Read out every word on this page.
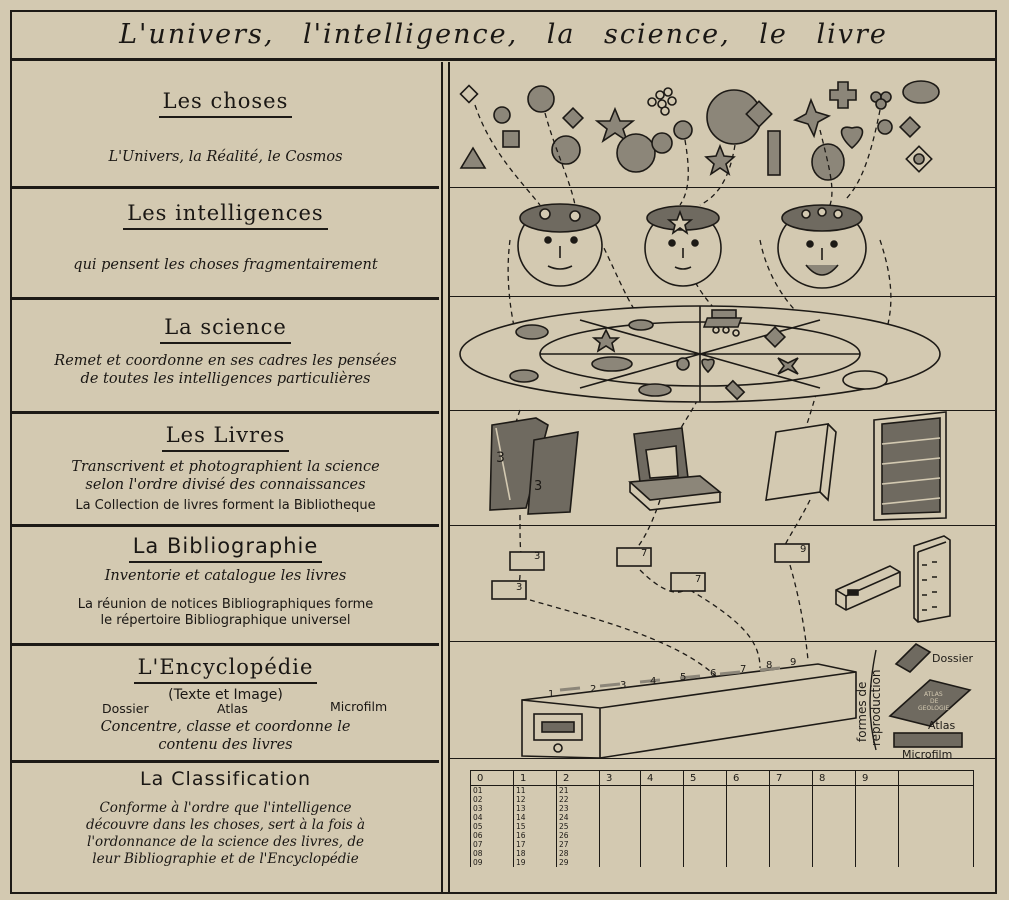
L'univers, l'intelligence, la science, le livre
Les choses
L'Univers, la Réalité, le Cosmos
Les intelligences
qui pensent les choses fragmentairement
La science
Remet et coordonne en ses cadres les pensées
de toutes les intelligences particulières
Les Livres
Transcrivent et photographient la science
selon l'ordre divisé des connaissances
La Collection de livres forment la Bibliotheque
La Bibliographie
Inventorie et catalogue les livres
La réunion de notices Bibliographiques forme
le répertoire Bibliographique universel
L'Encyclopédie
(Texte et Image)
Dossier	Atlas	Microfilm
Concentre, classe et coordonne le
contenu des livres
La Classification
Conforme à l'ordre que l'intelligence
découvre dans les choses, sert à la fois à
l'ordonnance de la science des livres, de
leur Bibliographie et de l'Encyclopédie
3
3
3	7	9
7
3
1	2 3 4 5 6 7 8 9
formes de reproduction
Dossier
ATLAS
DE
GEOLOGIE
Atlas
Microfilm
0	1	2	3	4	5	6	7	8	9	
01	11	21								
02	12	22								
03	13	23								
04	14	24								
05	15	25								
06	16	26								
07	17	27								
08	18	28								
09	19	29								
